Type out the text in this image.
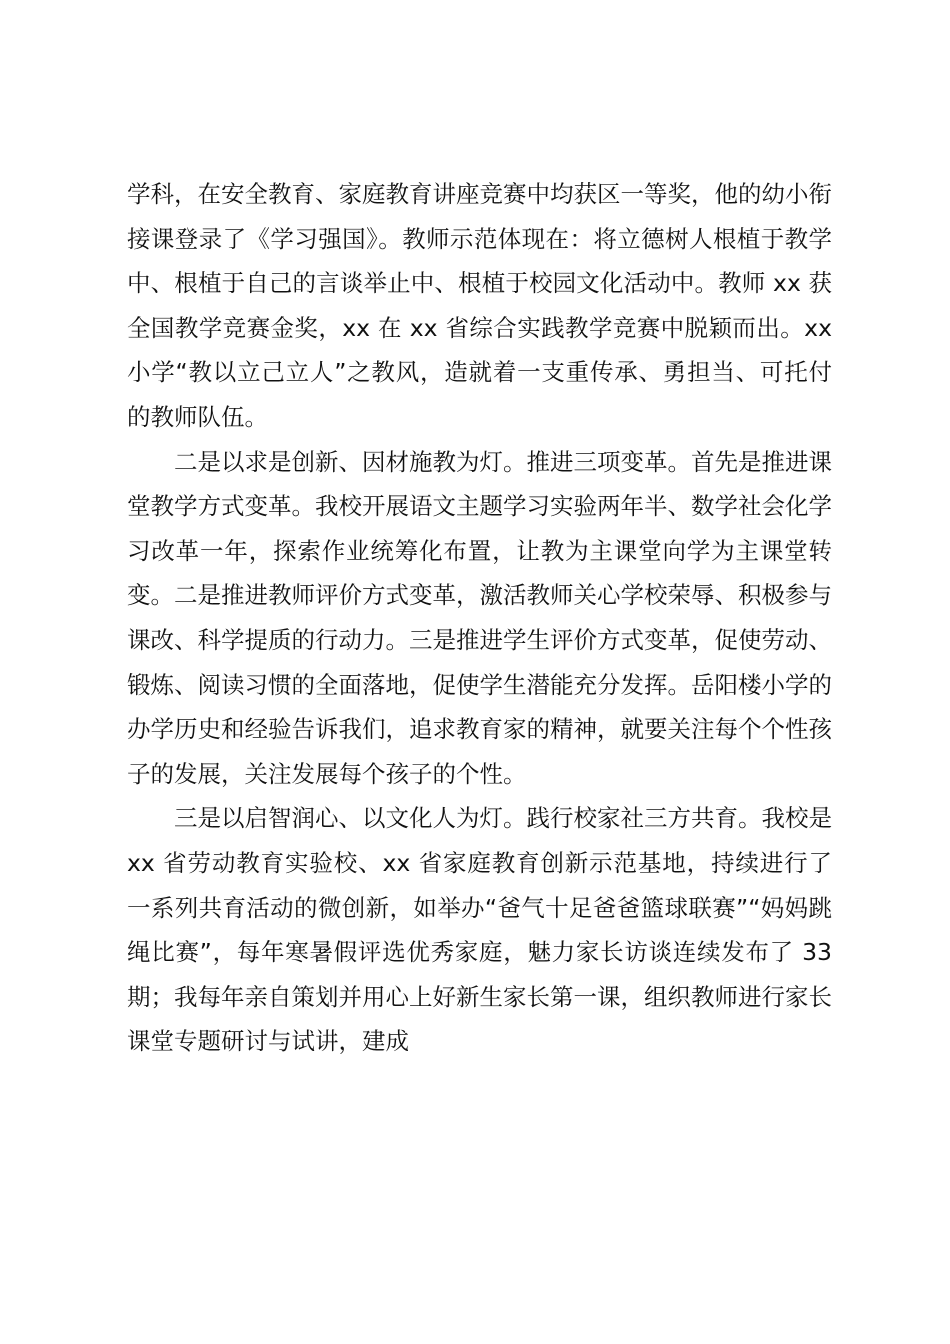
学科，在安全教育、家庭教育讲座竞赛中均获区一等奖，他的幼小衔接课登录了《学习强国》。教师示范体现在：将立德树人根植于教学中、根植于自己的言谈举止中、根植于校园文化活动中。教师 xx 获全国教学竞赛金奖，xx 在 xx 省综合实践教学竞赛中脱颖而出。xx 小学“教以立己立人”之教风，造就着一支重传承、勇担当、可托付的教师队伍。

二是以求是创新、因材施教为灯。推进三项变革。首先是推进课堂教学方式变革。我校开展语文主题学习实验两年半、数学社会化学习改革一年，探索作业统筹化布置，让教为主课堂向学为主课堂转变。二是推进教师评价方式变革，激活教师关心学校荣辱、积极参与课改、科学提质的行动力。三是推进学生评价方式变革，促使劳动、锻炼、阅读习惯的全面落地，促使学生潜能充分发挥。岳阳楼小学的办学历史和经验告诉我们，追求教育家的精神，就要关注每个个性孩子的发展，关注发展每个孩子的个性。

三是以启智润心、以文化人为灯。践行校家社三方共育。我校是 xx 省劳动教育实验校、xx 省家庭教育创新示范基地，持续进行了一系列共育活动的微创新，如举办“爸气十足爸爸篮球联赛”“妈妈跳绳比赛”，每年寒暑假评选优秀家庭，魅力家长访谈连续发布了 33 期；我每年亲自策划并用心上好新生家长第一课，组织教师进行家长课堂专题研讨与试讲，建成
